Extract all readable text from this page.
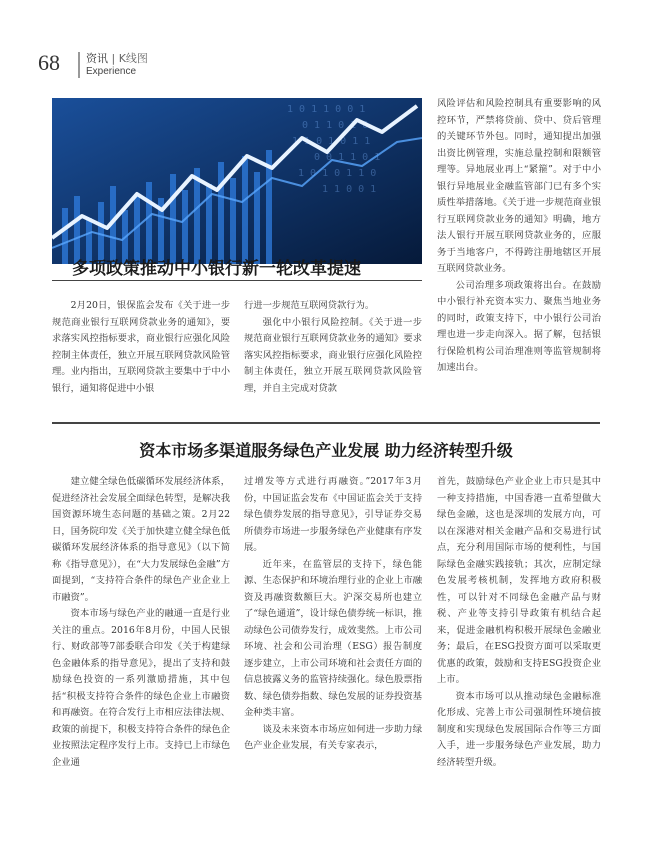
68 资讯 | K线图
Experience
1 0 1 1 0 0 1
0 1 1 0 1 0
1 1 0 1 0 1 1
0 0 1 1 0 1
1 0 1 0 1 1 0
1 1 0 0 1
多项政策推动中小银行新一轮改革提速

2月20日，银保监会发布《关于进一步规范商业银行互联网贷款业务的通知》，要求落实风控指标要求，商业银行应强化风险控制主体责任，独立开展互联网贷款风险管理。业内指出，互联网贷款主要集中于中小银行，通知将促进中小银

行进一步规范互联网贷款行为。

强化中小银行风险控制。《关于进一步规范商业银行互联网贷款业务的通知》要求落实风控指标要求，商业银行应强化风险控制主体责任，独立开展互联网贷款风险管理，并自主完成对贷款

风险评估和风险控制具有重要影响的风控环节，严禁将贷前、贷中、贷后管理的关键环节外包。同时，通知提出加强出资比例管理，实施总量控制和限额管理等。异地展业再上“紧箍”。对于中小银行异地展业金融监管部门已有多个实质性举措落地。《关于进一步规范商业银行互联网贷款业务的通知》明确，地方法人银行开展互联网贷款业务的，应服务于当地客户，不得跨注册地辖区开展互联网贷款业务。

公司治理多项政策将出台。在鼓励中小银行补充资本实力、聚焦当地业务的同时，政策支持下，中小银行公司治理也进一步走向深入。据了解，包括银行保险机构公司治理准则等监管规制将加速出台。

资本市场多渠道服务绿色产业发展 助力经济转型升级

建立健全绿色低碳循环发展经济体系，促进经济社会发展全面绿色转型，是解决我国资源环境生态问题的基础之策。2月22日，国务院印发《关于加快建立健全绿色低碳循环发展经济体系的指导意见》（以下简称《指导意见》），在“大力发展绿色金融”方面提到，“支持符合条件的绿色产业企业上市融资”。

资本市场与绿色产业的融通一直是行业关注的重点。2016年8月份，中国人民银行、财政部等7部委联合印发《关于构建绿色金融体系的指导意见》，提出了支持和鼓励绿色投资的一系列激励措施，其中包括“积极支持符合条件的绿色企业上市融资和再融资。在符合发行上市相应法律法规、政策的前提下，积极支持符合条件的绿色企业按照法定程序发行上市。支持已上市绿色企业通

过增发等方式进行再融资。”2017年3月份，中国证监会发布《中国证监会关于支持绿色债券发展的指导意见》，引导证券交易所债券市场进一步服务绿色产业健康有序发展。

近年来，在监管层的支持下，绿色能源、生态保护和环境治理行业的企业上市融资及再融资数额巨大。沪深交易所也建立了“绿色通道”，设计绿色债券统一标识，推动绿色公司债券发行，成效斐然。上市公司环境、社会和公司治理（ESG）报告制度逐步建立，上市公司环境和社会责任方面的信息披露义务的监管持续强化。绿色股票指数、绿色债券指数、绿色发展的证券投资基金种类丰富。

谈及未来资本市场应如何进一步助力绿色产业企业发展，有关专家表示，

首先，鼓励绿色产业企业上市只是其中一种支持措施，中国香港一直希望做大绿色金融，这也是深圳的发展方向，可以在深港对相关金融产品和交易进行试点，充分利用国际市场的便利性，与国际绿色金融实践接轨；其次，应制定绿色发展考核机制，发挥地方政府积极性，可以针对不同绿色金融产品与财税、产业等支持引导政策有机结合起来，促进金融机构积极开展绿色金融业务；最后，在ESG投资方面可以采取更优惠的政策，鼓励和支持ESG投资企业上市。

资本市场可以从推动绿色金融标准化形成、完善上市公司强制性环境信披制度和实现绿色发展国际合作等三方面入手，进一步服务绿色产业发展，助力经济转型升级。
